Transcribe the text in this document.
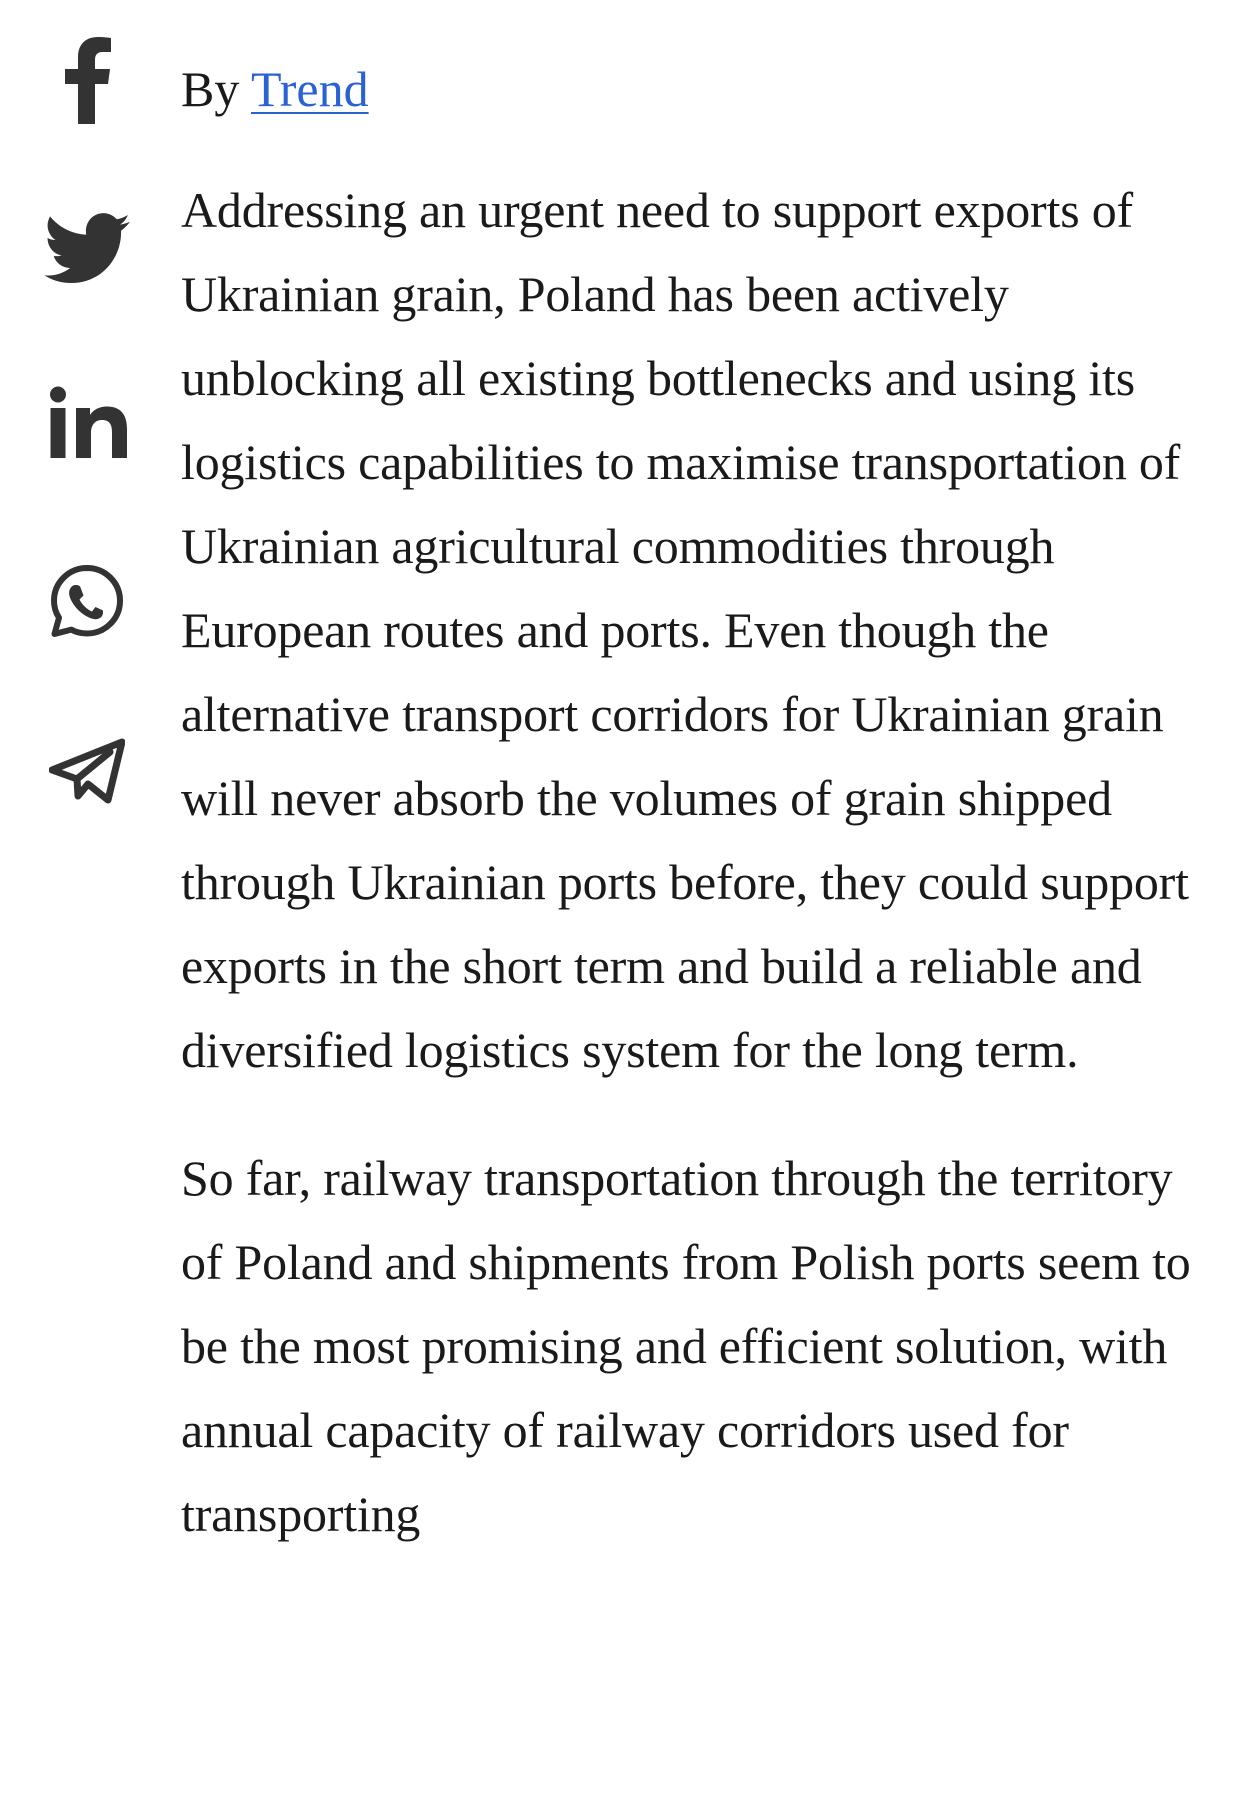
By Trend

Addressing an urgent need to support exports of Ukrainian grain, Poland has been actively unblocking all existing bottlenecks and using its logistics capabilities to maximise transportation of Ukrainian agricultural commodities through European routes and ports. Even though the alternative transport corridors for Ukrainian grain will never absorb the volumes of grain shipped through Ukrainian ports before, they could support exports in the short term and build a reliable and diversified logistics system for the long term.

So far, railway transportation through the territory of Poland and shipments from Polish ports seem to be the most promising and efficient solution, with annual capacity of railway corridors used for transporting
